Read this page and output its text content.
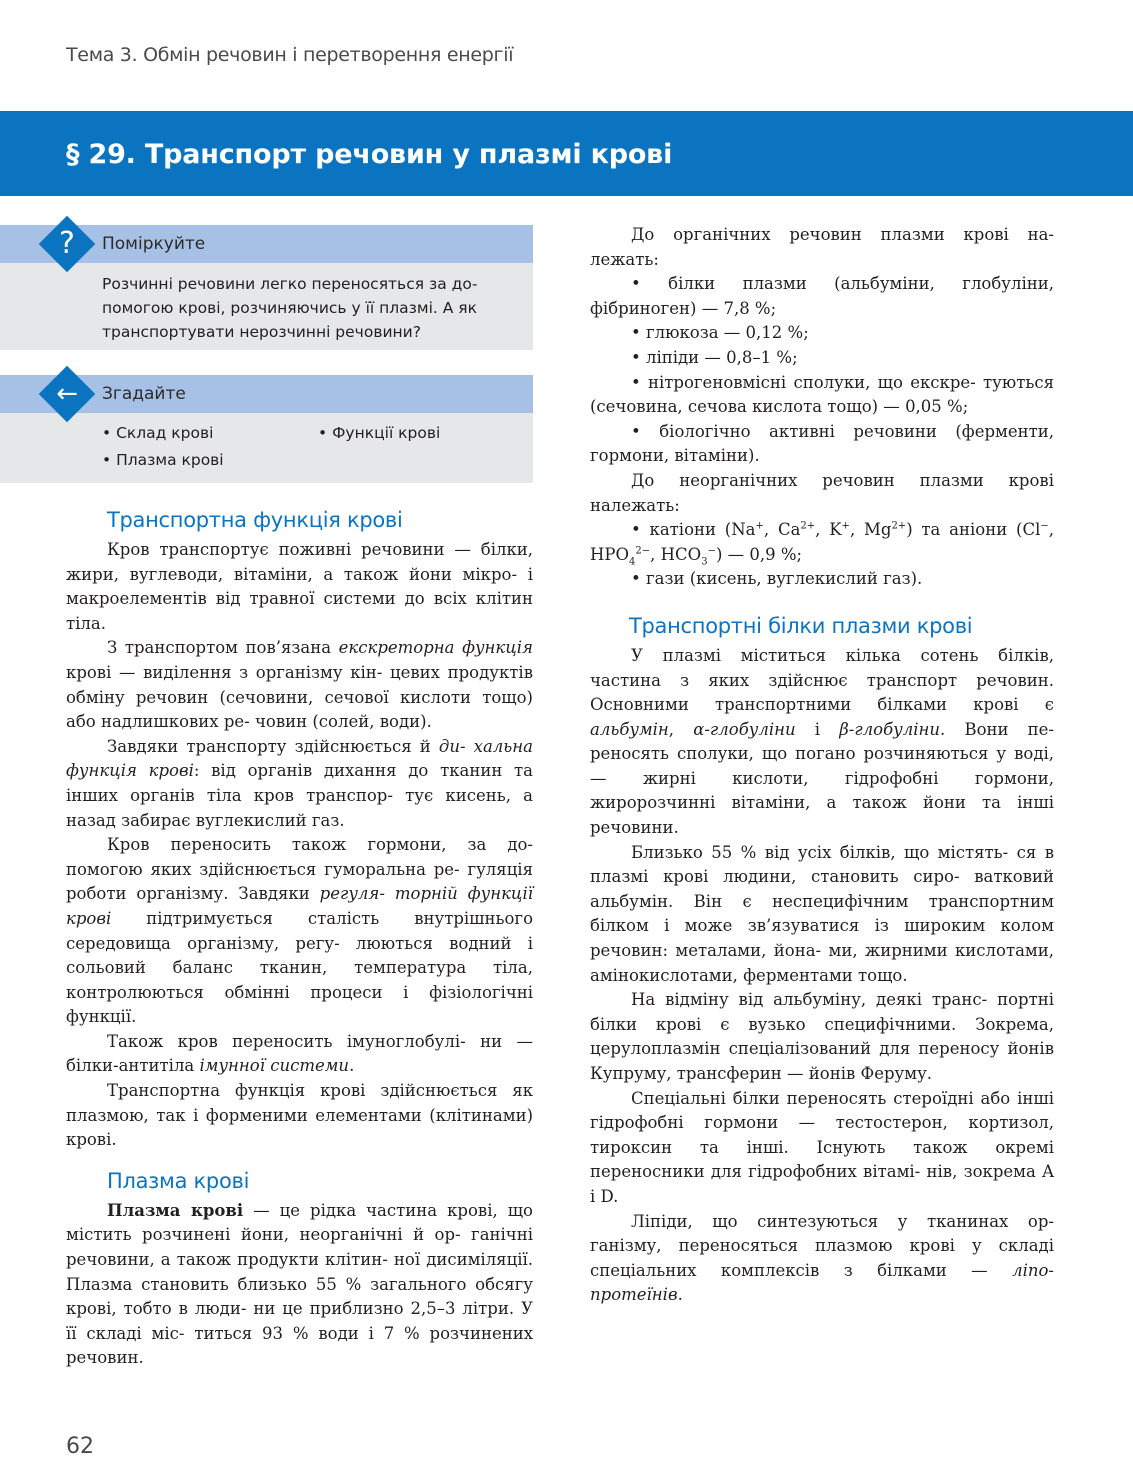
Тема 3. Обмін речовин і перетворення енергії
§ 29. Транспорт речовин у плазмі крові
?	Поміркуйте
Розчинні речовини легко переносяться за до-
помогою крові, розчиняючись у її плазмі. А як
транспортувати нерозчинні речовини?
←	Згадайте
• Склад крові	• Функції крові
• Плазма крові
Транспортна функція крові

Кров транспортує поживні речовини — білки, жири, вуглеводи, вітаміни, а також йони мікро- і макроелементів від травної системи до всіх клітин тіла.

З транспортом пов’язана екскреторна функція крові — виділення з організму кін- цевих продуктів обміну речовин (сечовини, сечової кислоти тощо) або надлишкових ре- човин (солей, води).

Завдяки транспорту здійснюється й ди- хальна функція крові: від органів дихання до тканин та інших органів тіла кров транспор- тує кисень, а назад забирає вуглекислий газ.

Кров переносить також гормони, за до- помогою яких здійснюється гуморальна ре- гуляція роботи організму. Завдяки регуля- торній функції крові підтримується сталість внутрішнього середовища організму, регу- люються водний і сольовий баланс тканин, температура тіла, контролюються обмінні процеси і фізіологічні функції.

Також кров переносить імуноглобулі- ни — білки-антитіла імунної системи.

Транспортна функція крові здійснюється як плазмою, так і форменими елементами (клітинами) крові.

Плазма крові

Плазма крові — це рідка частина крові, що містить розчинені йони, неорганічні й ор- ганічні речовини, а також продукти клітин- ної дисиміляції. Плазма становить близько 55 % загального обсягу крові, тобто в люди- ни це приблизно 2,5–3 літри. У її складі міс- титься 93 % води і 7 % розчинених речовин.

До органічних речовин плазми крові на- лежать:

• білки плазми (альбуміни, глобуліни, фібриноген) — 7,8 %;

• глюкоза — 0,12 %;

• ліпіди — 0,8–1 %;

• нітрогеновмісні сполуки, що екскре- туються (сечовина, сечова кислота тощо) — 0,05 %;

• біологічно активні речовини (ферменти, гормони, вітаміни).

До неорганічних речовин плазми крові належать:

• катіони (Na+, $Ca^{2+}$, K+, $Mg^{2+}$) та аніони (Cl−, $HPO_4^{2-}$, $HCO_3^-$) — 0,9 %;

• гази (кисень, вуглекислий газ).

Транспортні білки плазми крові

У плазмі міститься кілька сотень білків, частина з яких здійснює транспорт речовин. Основними транспортними білками крові є альбумін, α-глобуліни і β-глобуліни. Вони пе- реносять сполуки, що погано розчиняються у воді,— жирні кислоти, гідрофобні гормони, жиророзчинні вітаміни, а також йони та інші речовини.

Близько 55 % від усіх білків, що містять- ся в плазмі крові людини, становить сиро- ватковий альбумін. Він є неспецифічним транспортним білком і може зв’язуватися із широким колом речовин: металами, йона- ми, жирними кислотами, амінокислотами, ферментами тощо.

На відміну від альбуміну, деякі транс- портні білки крові є вузько специфічними. Зокрема, церулоплазмін спеціалізований для переносу йонів Купруму, трансферин — йонів Феруму.

Спеціальні білки переносять стероїдні або інші гідрофобні гормони — тестостерон, кортизол, тироксин та інші. Існують також окремі переносники для гідрофобних вітамі- нів, зокрема A і D.

Ліпіди, що синтезуються у тканинах ор- ганізму, переносяться плазмою крові у складі спеціальних комплексів з білками — ліпо- протеїнів.

62
